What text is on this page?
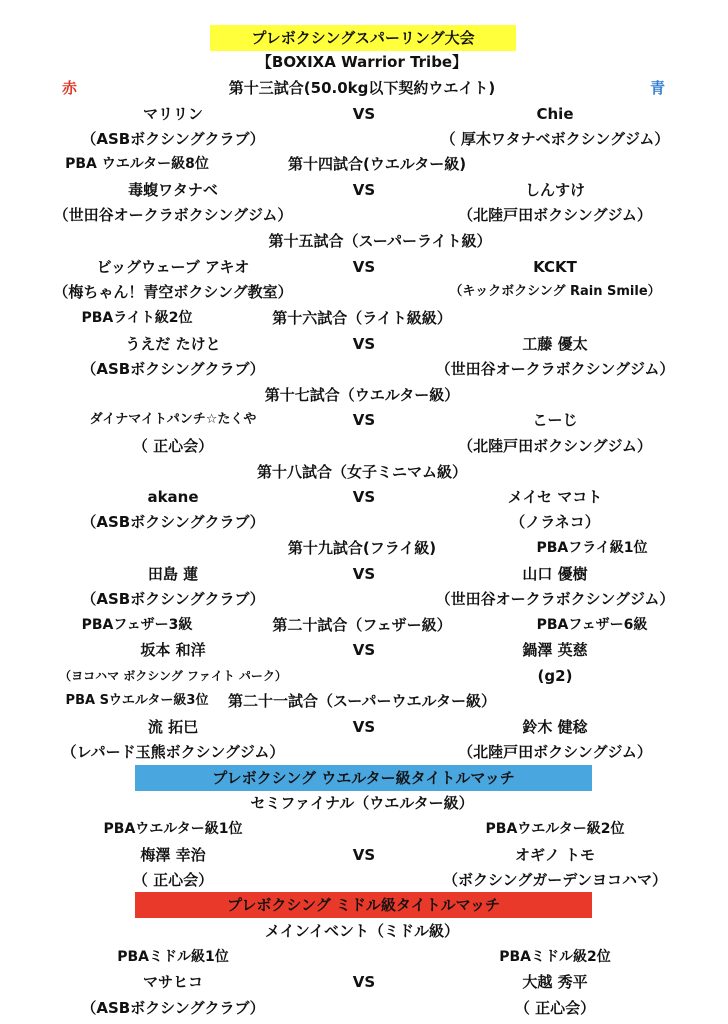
プレボクシングスパーリング大会
【BOXIXA Warrior Tribe】
赤	第十三試合(50.0kg以下契約ウエイト)	青
マリリン	VS	Chie
（ASBボクシングクラブ）	（ 厚木ワタナベボクシングジム）
PBA ウエルター級8位	第十四試合(ウエルター級)
毒蝮ワタナベ	VS	しんすけ
（世田谷オークラボクシングジム）	（北陸戸田ボクシングジム）
第十五試合（スーパーライト級）
ビッグウェーブ アキオ	VS	KCKT
（梅ちゃん！青空ボクシング教室）	（キックボクシング Rain Smile）
PBAライト級2位	第十六試合（ライト級級）
うえだ たけと	VS	工藤 優太
（ASBボクシングクラブ）	（世田谷オークラボクシングジム）
第十七試合（ウエルター級）
ダイナマイトパンチ☆たくや	VS	こーじ
（ 正心会）	（北陸戸田ボクシングジム）
第十八試合（女子ミニマム級）
akane	VS	メイセ マコト
（ASBボクシングクラブ）	（ノラネコ）
第十九試合(フライ級)	PBAフライ級1位
田島 蓮	VS	山口 優樹
（ASBボクシングクラブ）	（世田谷オークラボクシングジム）
PBAフェザー3級	第二十試合（フェザー級）	PBAフェザー6級
坂本 和洋	VS	鍋澤 英慈
（ヨコハマ ボクシング ファイト パーク）	(g2)
PBA Sウエルター級3位 第二十一試合（スーパーウエルター級）
流 拓巳	VS	鈴木 健稔
（レパード玉熊ボクシングジム）	（北陸戸田ボクシングジム）
プレボクシング ウエルター級タイトルマッチ
セミファイナル（ウエルター級）
PBAウエルター級1位	PBAウエルター級2位
梅澤 幸治	VS	オギノ トモ
（ 正心会）	（ボクシングガーデンヨコハマ）
プレボクシング ミドル級タイトルマッチ
メインイベント（ミドル級）
PBAミドル級1位	PBAミドル級2位
マサヒコ	VS	大越 秀平
（ASBボクシングクラブ）	（ 正心会）
